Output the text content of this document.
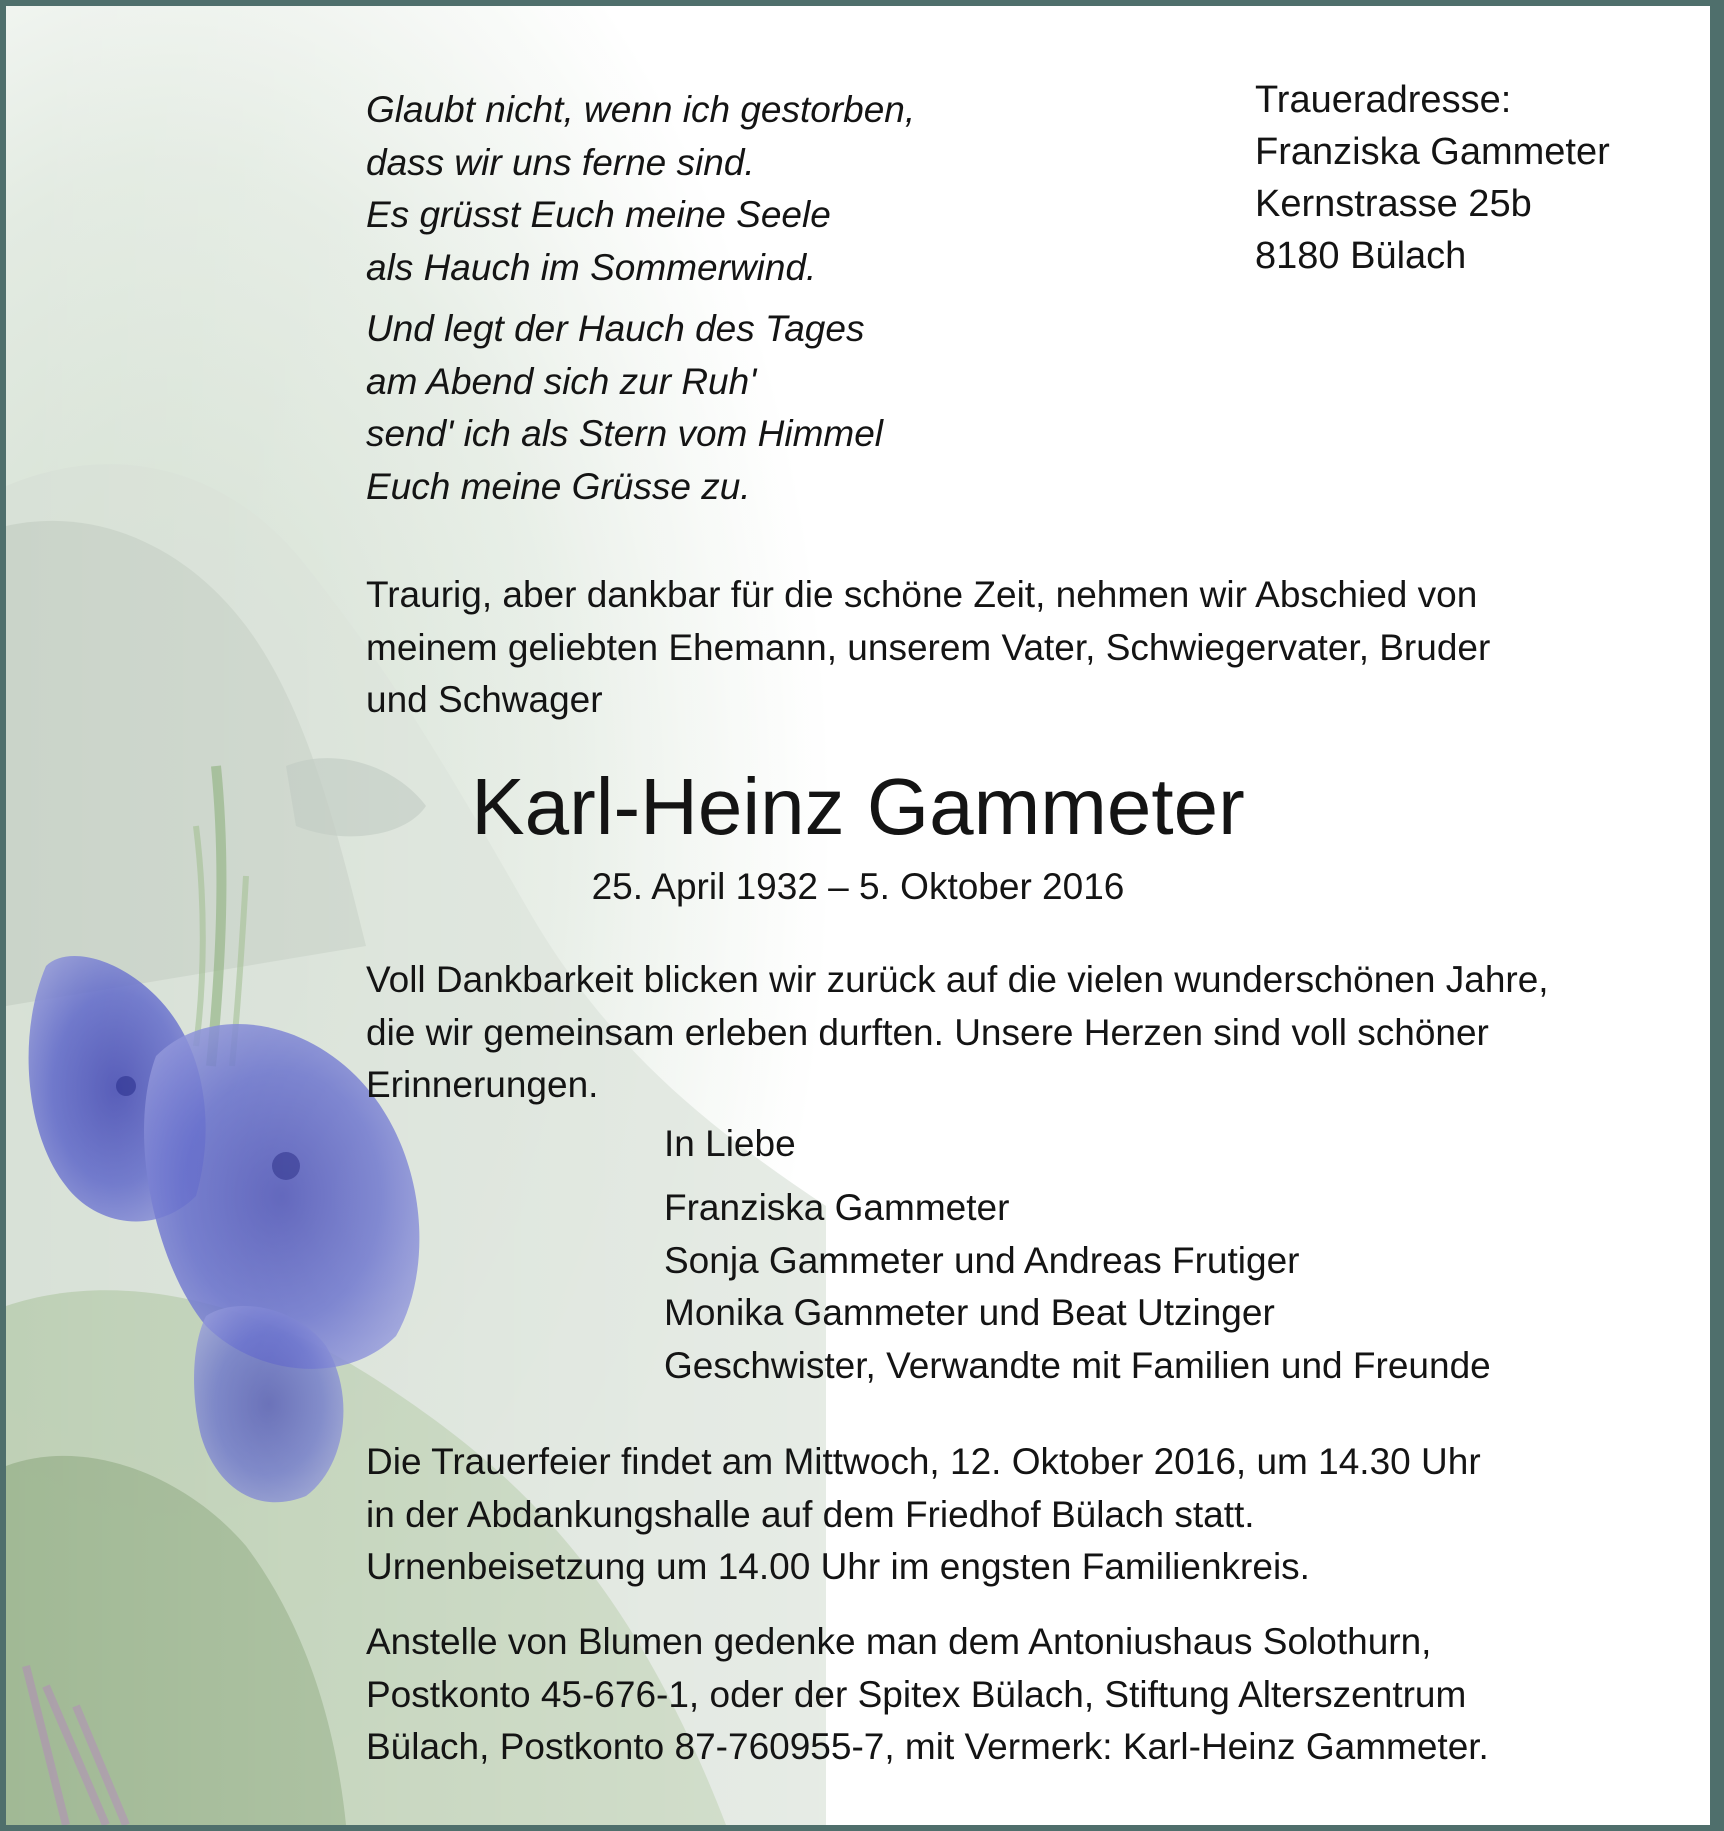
Traueradresse:
Franziska Gammeter
Kernstrasse 25b
8180 Bülach
Glaubt nicht, wenn ich gestorben,
dass wir uns ferne sind.
Es grüsst Euch meine Seele
als Hauch im Sommerwind.
Und legt der Hauch des Tages
am Abend sich zur Ruh'
send' ich als Stern vom Himmel
Euch meine Grüsse zu.
Traurig, aber dankbar für die schöne Zeit, nehmen wir Abschied von
meinem geliebten Ehemann, unserem Vater, Schwiegervater, Bruder
und Schwager
Karl-Heinz Gammeter
25. April 1932 – 5. Oktober 2016
Voll Dankbarkeit blicken wir zurück auf die vielen wunderschönen Jahre,
die wir gemeinsam erleben durften. Unsere Herzen sind voll schöner
Erinnerungen.
In Liebe
Franziska Gammeter
Sonja Gammeter und Andreas Frutiger
Monika Gammeter und Beat Utzinger
Geschwister, Verwandte mit Familien und Freunde
Die Trauerfeier findet am Mittwoch, 12. Oktober 2016, um 14.30 Uhr
in der Abdankungshalle auf dem Friedhof Bülach statt.
Urnenbeisetzung um 14.00 Uhr im engsten Familienkreis.
Anstelle von Blumen gedenke man dem Antoniushaus Solothurn,
Postkonto 45-676-1, oder der Spitex Bülach, Stiftung Alterszentrum
Bülach, Postkonto 87-760955-7, mit Vermerk: Karl-Heinz Gammeter.
